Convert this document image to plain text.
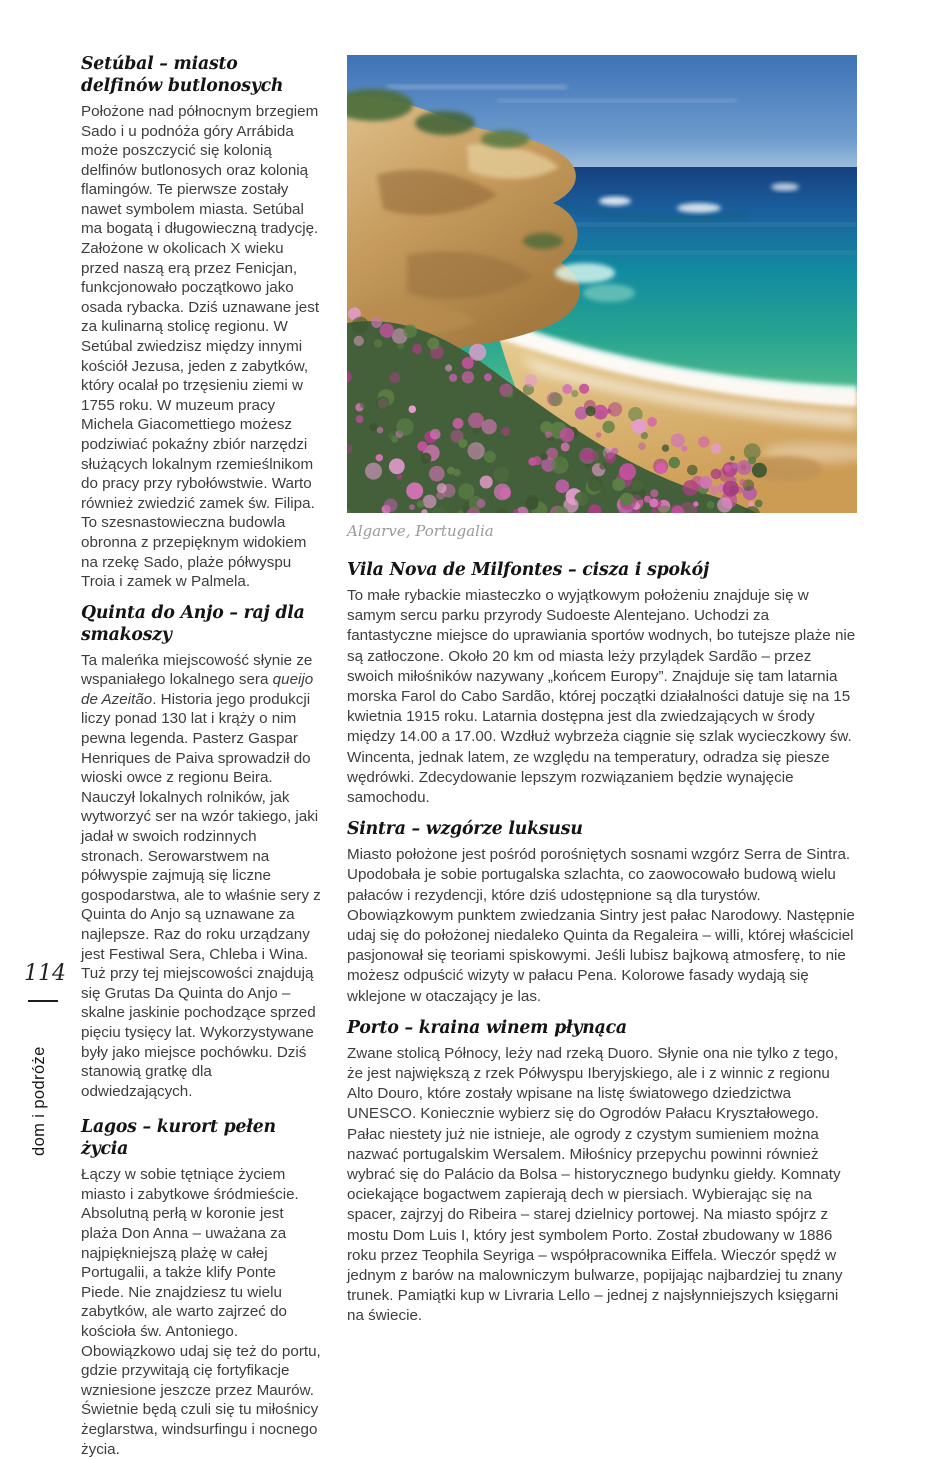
114
dom i podróże
Setúbal – miasto delfinów butlonosych

Położone nad północnym brzegiem Sado i u podnóża góry Arrábida może poszczycić się kolonią delfinów butlonosych oraz kolonią flamingów. Te pierwsze zostały nawet symbolem miasta. Setúbal ma bogatą i długowieczną tradycję. Założone w okolicach X wieku przed naszą erą przez Fenicjan, funkcjonowało początkowo jako osada rybacka. Dziś uznawane jest za kulinarną stolicę regionu. W Setúbal zwiedzisz między innymi kościół Jezusa, jeden z zabytków, który ocalał po trzęsieniu ziemi w 1755 roku. W muzeum pracy Michela Giacomettiego możesz podziwiać pokaźny zbiór narzędzi służących lokalnym rzemieślnikom do pracy przy rybołówstwie. Warto również zwiedzić zamek św. Filipa. To szesnastowieczna budowla obronna z przepięknym widokiem na rzekę Sado, plaże półwyspu Troia i zamek w Palmela.

Quinta do Anjo – raj dla smakoszy

Ta maleńka miejscowość słynie ze wspaniałego lokalnego sera queijo de Azeitão. Historia jego produkcji liczy ponad 130 lat i krąży o nim pewna legenda. Pasterz Gaspar Henriques de Paiva sprowadził do wioski owce z regionu Beira. Nauczył lokalnych rolników, jak wytworzyć ser na wzór takiego, jaki jadał w swoich rodzinnych stronach. Serowarstwem na półwyspie zajmują się liczne gospodarstwa, ale to właśnie sery z Quinta do Anjo są uznawane za najlepsze. Raz do roku urządzany jest Festiwal Sera, Chleba i Wina. Tuż przy tej miejscowości znajdują się Grutas Da Quinta do Anjo – skalne jaskinie pochodzące sprzed pięciu tysięcy lat. Wykorzystywane były jako miejsce pochówku. Dziś stanowią gratkę dla odwiedzających.

Lagos – kurort pełen życia

Łączy w sobie tętniące życiem miasto i zabytkowe śródmieście. Absolutną perłą w koronie jest plaża Don Anna – uważana za najpiękniejszą plażę w całej Portugalii, a także klify Ponte Piede. Nie znajdziesz tu wielu zabytków, ale warto zajrzeć do kościoła św. Antoniego. Obowiązkowo udaj się też do portu, gdzie przywitają cię fortyfikacje wzniesione jeszcze przez Maurów. Świetnie będą czuli się tu miłośnicy żeglarstwa, windsurfingu i nocnego życia.

Algarve, Portugalia
Vila Nova de Milfontes – cisza i spokój

To małe rybackie miasteczko o wyjątkowym położeniu znajduje się w samym sercu parku przyrody Sudoeste Alentejano. Uchodzi za fantastyczne miejsce do uprawiania sportów wodnych, bo tutejsze plaże nie są zatłoczone. Około 20 km od miasta leży przylądek Sardão – przez swoich miłośników nazywany „końcem Europy”. Znajduje się tam latarnia morska Farol do Cabo Sardão, której początki działalności datuje się na 15 kwietnia 1915 roku. Latarnia dostępna jest dla zwiedzających w środy między 14.00 a 17.00. Wzdłuż wybrzeża ciągnie się szlak wycieczkowy św. Wincenta, jednak latem, ze względu na temperatury, odradza się piesze wędrówki. Zdecydowanie lepszym rozwiązaniem będzie wynajęcie samochodu.

Sintra – wzgórze luksusu

Miasto położone jest pośród porośniętych sosnami wzgórz Serra de Sintra. Upodobała je sobie portugalska szlachta, co zaowocowało budową wielu pałaców i rezydencji, które dziś udostępnione są dla turystów. Obowiązkowym punktem zwiedzania Sintry jest pałac Narodowy. Następnie udaj się do położonej niedaleko Quinta da Regaleira – willi, której właściciel pasjonował się teoriami spiskowymi. Jeśli lubisz bajkową atmosferę, to nie możesz odpuścić wizyty w pałacu Pena. Kolorowe fasady wydają się wklejone w otaczający je las.

Porto – kraina winem płynąca

Zwane stolicą Północy, leży nad rzeką Duoro. Słynie ona nie tylko z tego, że jest największą z rzek Półwyspu Iberyjskiego, ale i z winnic z regionu Alto Douro, które zostały wpisane na listę światowego dziedzictwa UNESCO. Koniecznie wybierz się do Ogrodów Pałacu Kryształowego. Pałac niestety już nie istnieje, ale ogrody z czystym sumieniem można nazwać portugalskim Wersalem. Miłośnicy przepychu powinni również wybrać się do Palácio da Bolsa – historycznego budynku giełdy. Komnaty ociekające bogactwem zapierają dech w piersiach. Wybierając się na spacer, zajrzyj do Ribeira – starej dzielnicy portowej. Na miasto spójrz z mostu Dom Luis I, który jest symbolem Porto. Został zbudowany w 1886 roku przez Teophila Seyriga – współpracownika Eiffela. Wieczór spędź w jednym z barów na malowniczym bulwarze, popijając najbardziej tu znany trunek. Pamiątki kup w Livraria Lello – jednej z najsłynniejszych księgarni na świecie.
